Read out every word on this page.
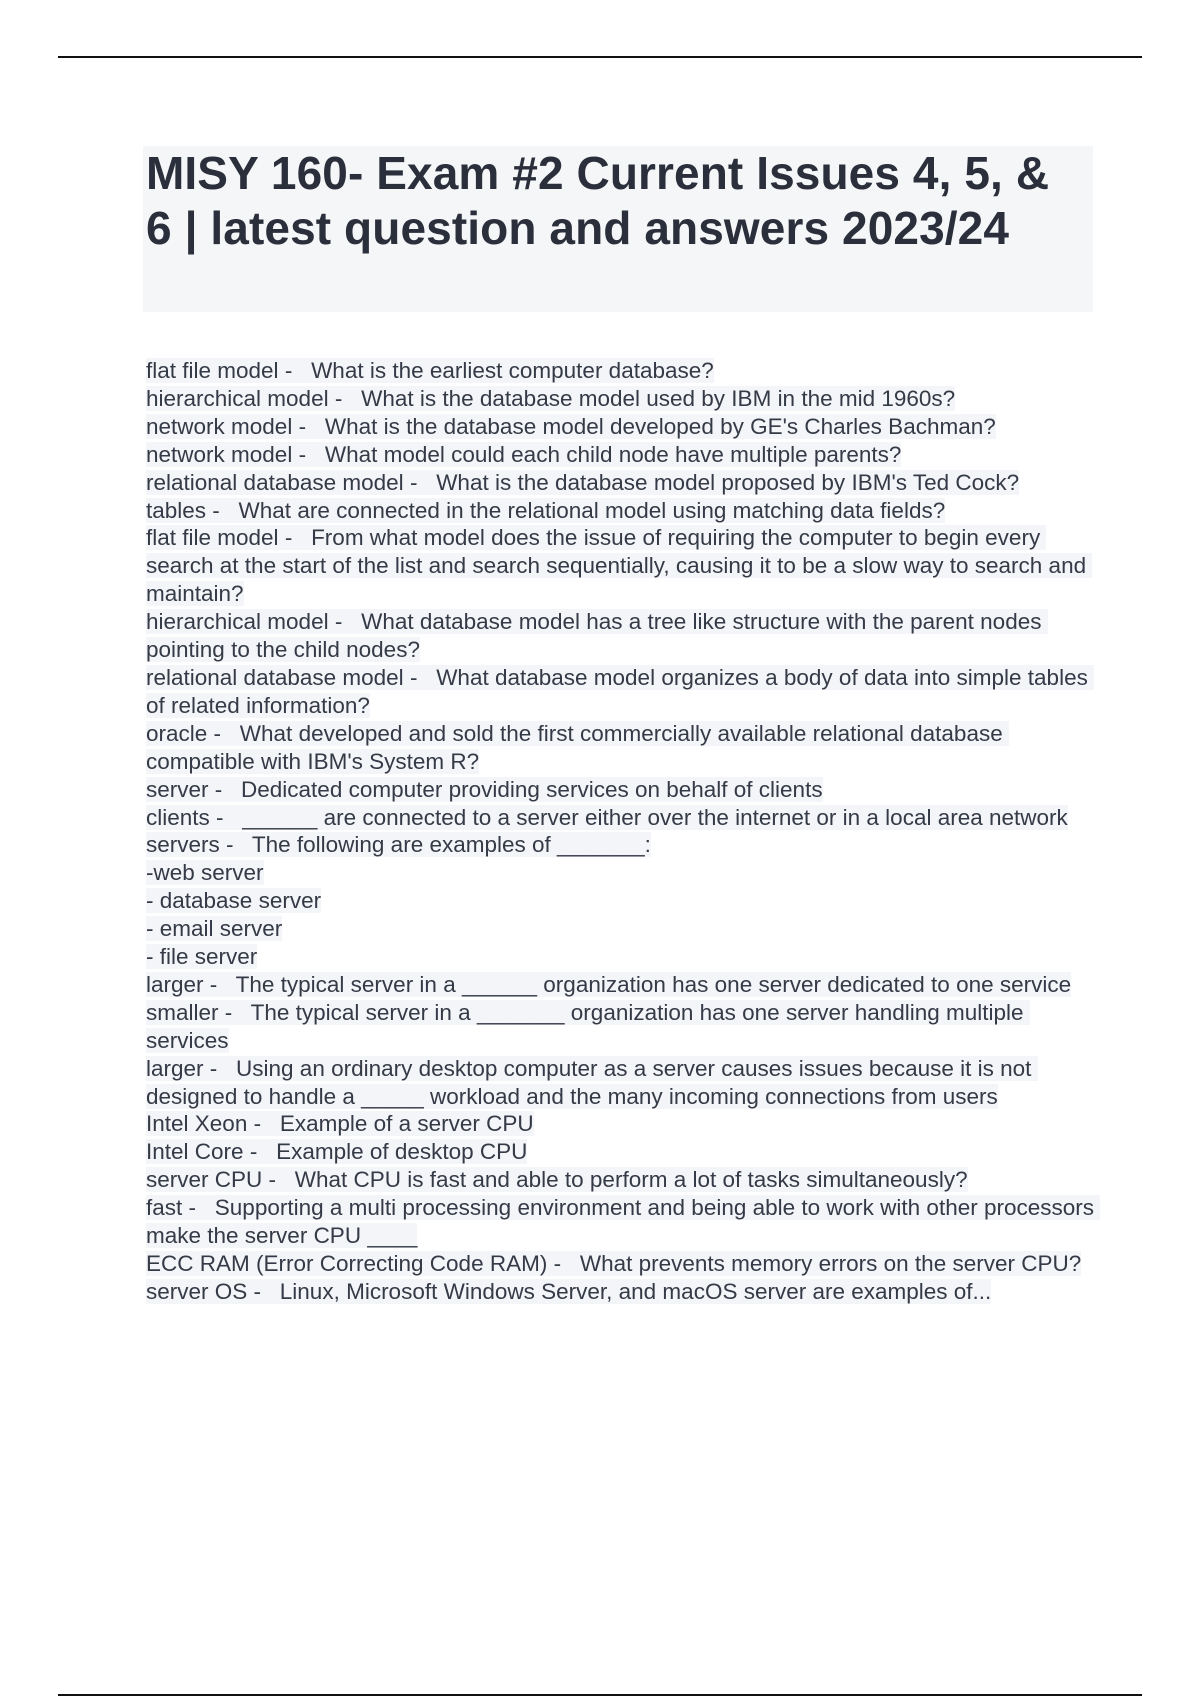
MISY 160- Exam #2 Current Issues 4, 5, & 6 | latest question and answers 2023/24
flat file model -   What is the earliest computer database?
hierarchical model -   What is the database model used by IBM in the mid 1960s?
network model -   What is the database model developed by GE's Charles Bachman?
network model -   What model could each child node have multiple parents?
relational database model -   What is the database model proposed by IBM's Ted Cock?
tables -   What are connected in the relational model using matching data fields?
flat file model -   From what model does the issue of requiring the computer to begin every search at the start of the list and search sequentially, causing it to be a slow way to search and maintain?
hierarchical model -   What database model has a tree like structure with the parent nodes pointing to the child nodes?
relational database model -   What database model organizes a body of data into simple tables of related information?
oracle -   What developed and sold the first commercially available relational database compatible with IBM's System R?
server -   Dedicated computer providing services on behalf of clients
clients -   ______ are connected to a server either over the internet or in a local area network
servers -   The following are examples of _______:
-web server
- database server
- email server
- file server
larger -   The typical server in a ______ organization has one server dedicated to one service
smaller -   The typical server in a _______ organization has one server handling multiple services
larger -   Using an ordinary desktop computer as a server causes issues because it is not designed to handle a _____ workload and the many incoming connections from users
Intel Xeon -   Example of a server CPU
Intel Core -   Example of desktop CPU
server CPU -   What CPU is fast and able to perform a lot of tasks simultaneously?
fast -   Supporting a multi processing environment and being able to work with other processors make the server CPU ____
ECC RAM (Error Correcting Code RAM) -   What prevents memory errors on the server CPU?
server OS -   Linux, Microsoft Windows Server, and macOS server are examples of...
